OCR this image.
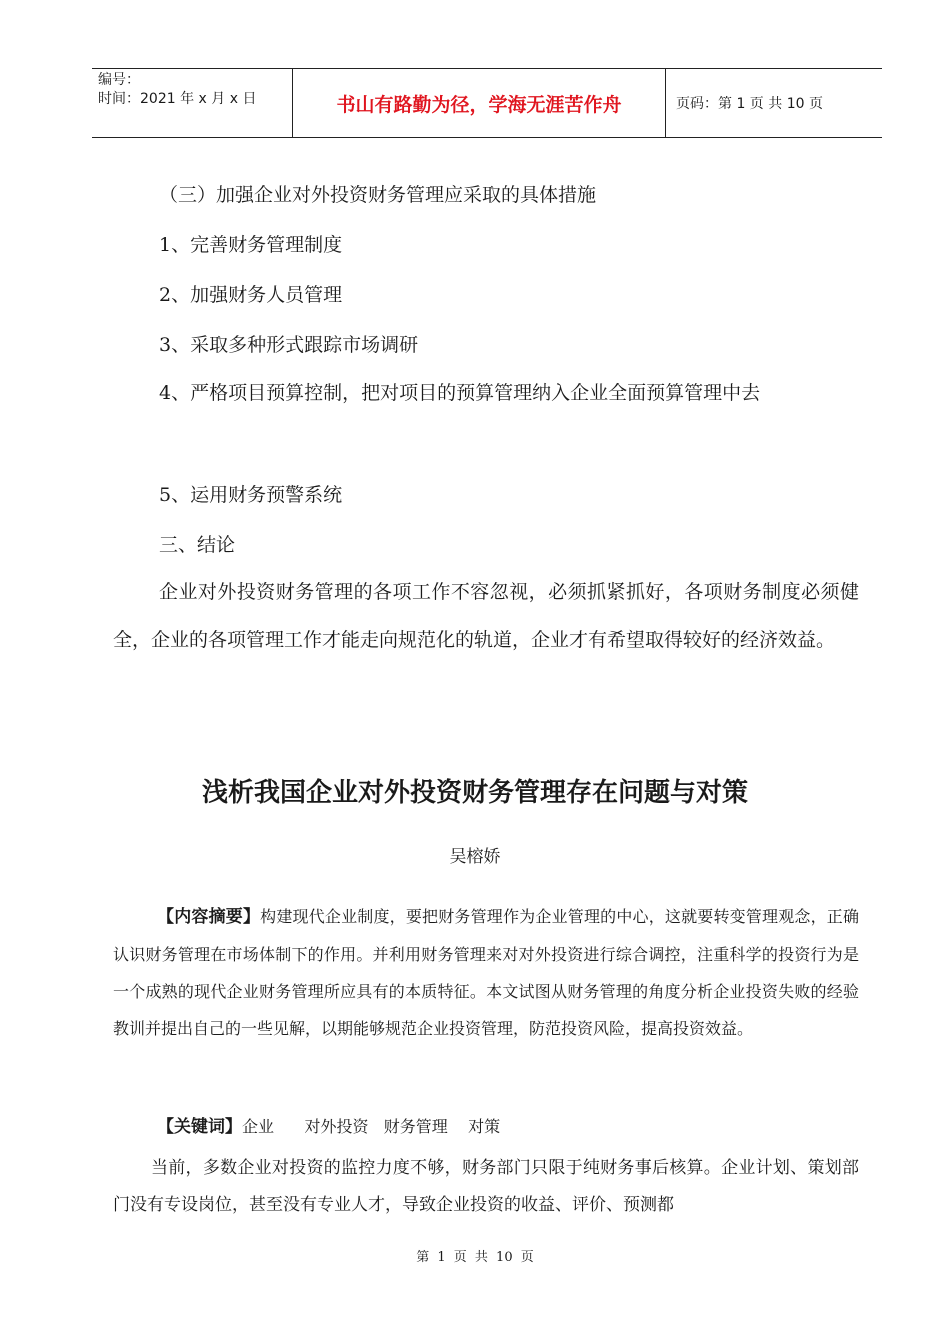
编号：
时间：2021 年 x 月 x 日	书山有路勤为径，学海无涯苦作舟	页码：第 1 页 共 10 页
（三）加强企业对外投资财务管理应采取的具体措施
1、完善财务管理制度
2、加强财务人员管理
3、采取多种形式跟踪市场调研
4、严格项目预算控制，把对项目的预算管理纳入企业全面预算管理中去
5、运用财务预警系统
三、结论
企业对外投资财务管理的各项工作不容忽视，必须抓紧抓好，各项财务制度必须健全，企业的各项管理工作才能走向规范化的轨道，企业才有希望取得较好的经济效益。
浅析我国企业对外投资财务管理存在问题与对策
吴榕娇
【内容摘要】构建现代企业制度，要把财务管理作为企业管理的中心，这就要转变管理观念，正确认识财务管理在市场体制下的作用。并利用财务管理来对对外投资进行综合调控，注重科学的投资行为是一个成熟的现代企业财务管理所应具有的本质特征。本文试图从财务管理的角度分析企业投资失败的经验教训并提出自己的一些见解，以期能够规范企业投资管理，防范投资风险，提高投资效益。
【关键词】企业      对外投资   财务管理    对策
当前，多数企业对投资的监控力度不够，财务部门只限于纯财务事后核算。企业计划、策划部门没有专设岗位，甚至没有专业人才，导致企业投资的收益、评价、预测都
第 1 页 共 10 页
